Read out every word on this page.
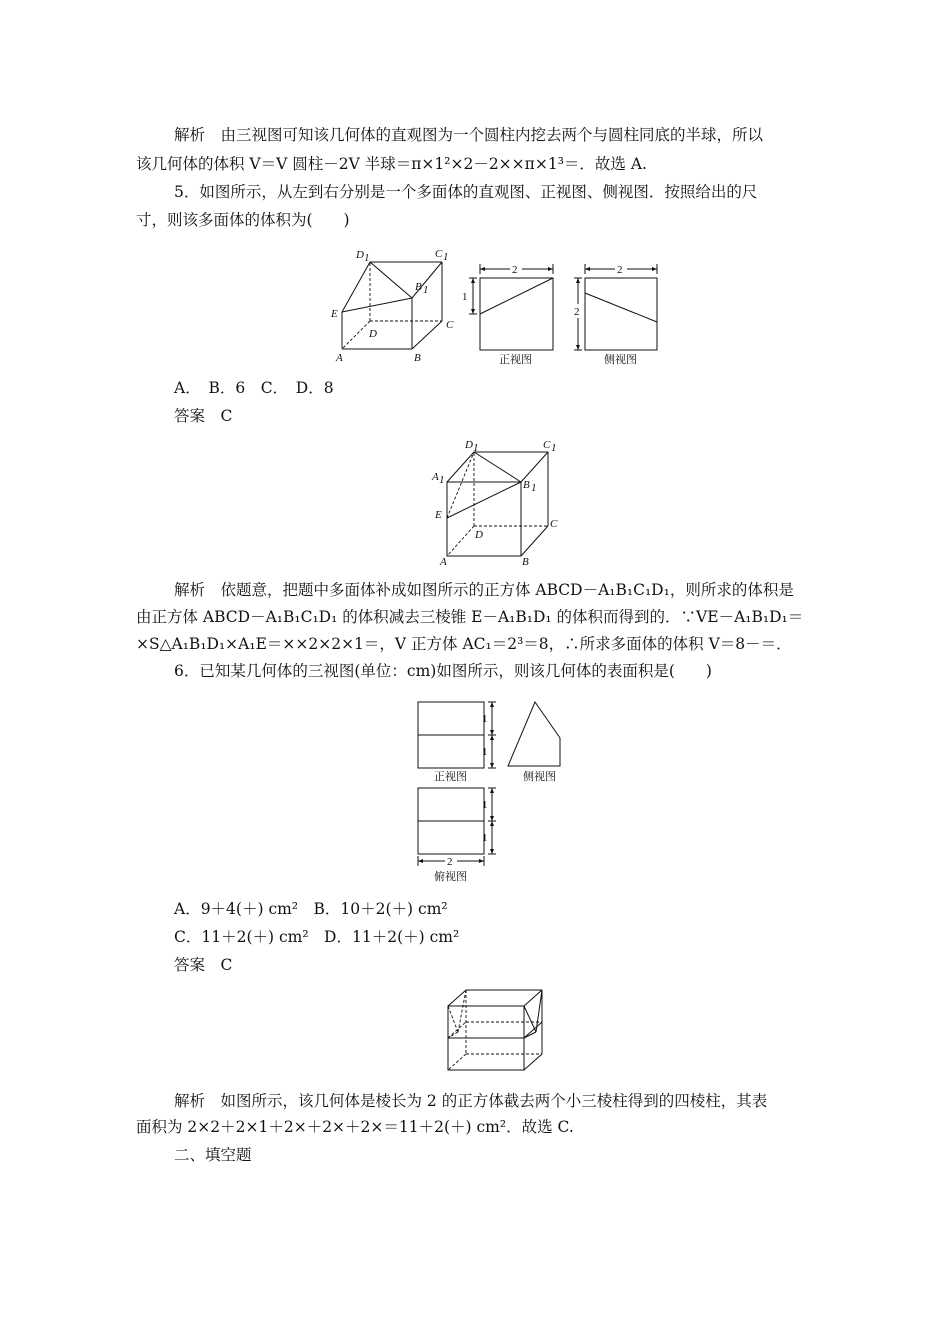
解析　由三视图可知该几何体的直观图为一个圆柱内挖去两个与圆柱同底的半球，所以
该几何体的体积 V＝V 圆柱－2V 半球＝π×1²×2－2××π×1³＝．故选 A.
5．如图所示，从左到右分别是一个多面体的直观图、正视图、侧视图．按照给出的尺
寸，则该多面体的体积为(　　)
D 1	C 1
B 1
E
D
C
A	B
2
1
正视图
2
2
侧视图
A．　B．6　C．　D．8
答案　C
D 1	C 1
A 1	B 1
E
D
C
A	B
解析　依题意，把题中多面体补成如图所示的正方体 ABCD－A₁B₁C₁D₁，则所求的体积是
由正方体 ABCD－A₁B₁C₁D₁ 的体积减去三棱锥 E－A₁B₁D₁ 的体积而得到的．∵VE－A₁B₁D₁＝
×S△A₁B₁D₁×A₁E＝××2×2×1＝，V 正方体 AC₁＝2³＝8，∴所求多面体的体积 V＝8－＝．
6．已知某几何体的三视图(单位：cm)如图所示，则该几何体的表面积是(　　)
1
1
1
1
2
正视图	侧视图
俯视图
A．9＋4(＋) cm²　B．10＋2(＋) cm²
C．11＋2(＋) cm²　D．11＋2(＋) cm²
答案　C
解析　如图所示，该几何体是棱长为 2 的正方体截去两个小三棱柱得到的四棱柱，其表
面积为 2×2＋2×1＋2×＋2×＋2×＝11＋2(＋) cm²．故选 C.
二、填空题
